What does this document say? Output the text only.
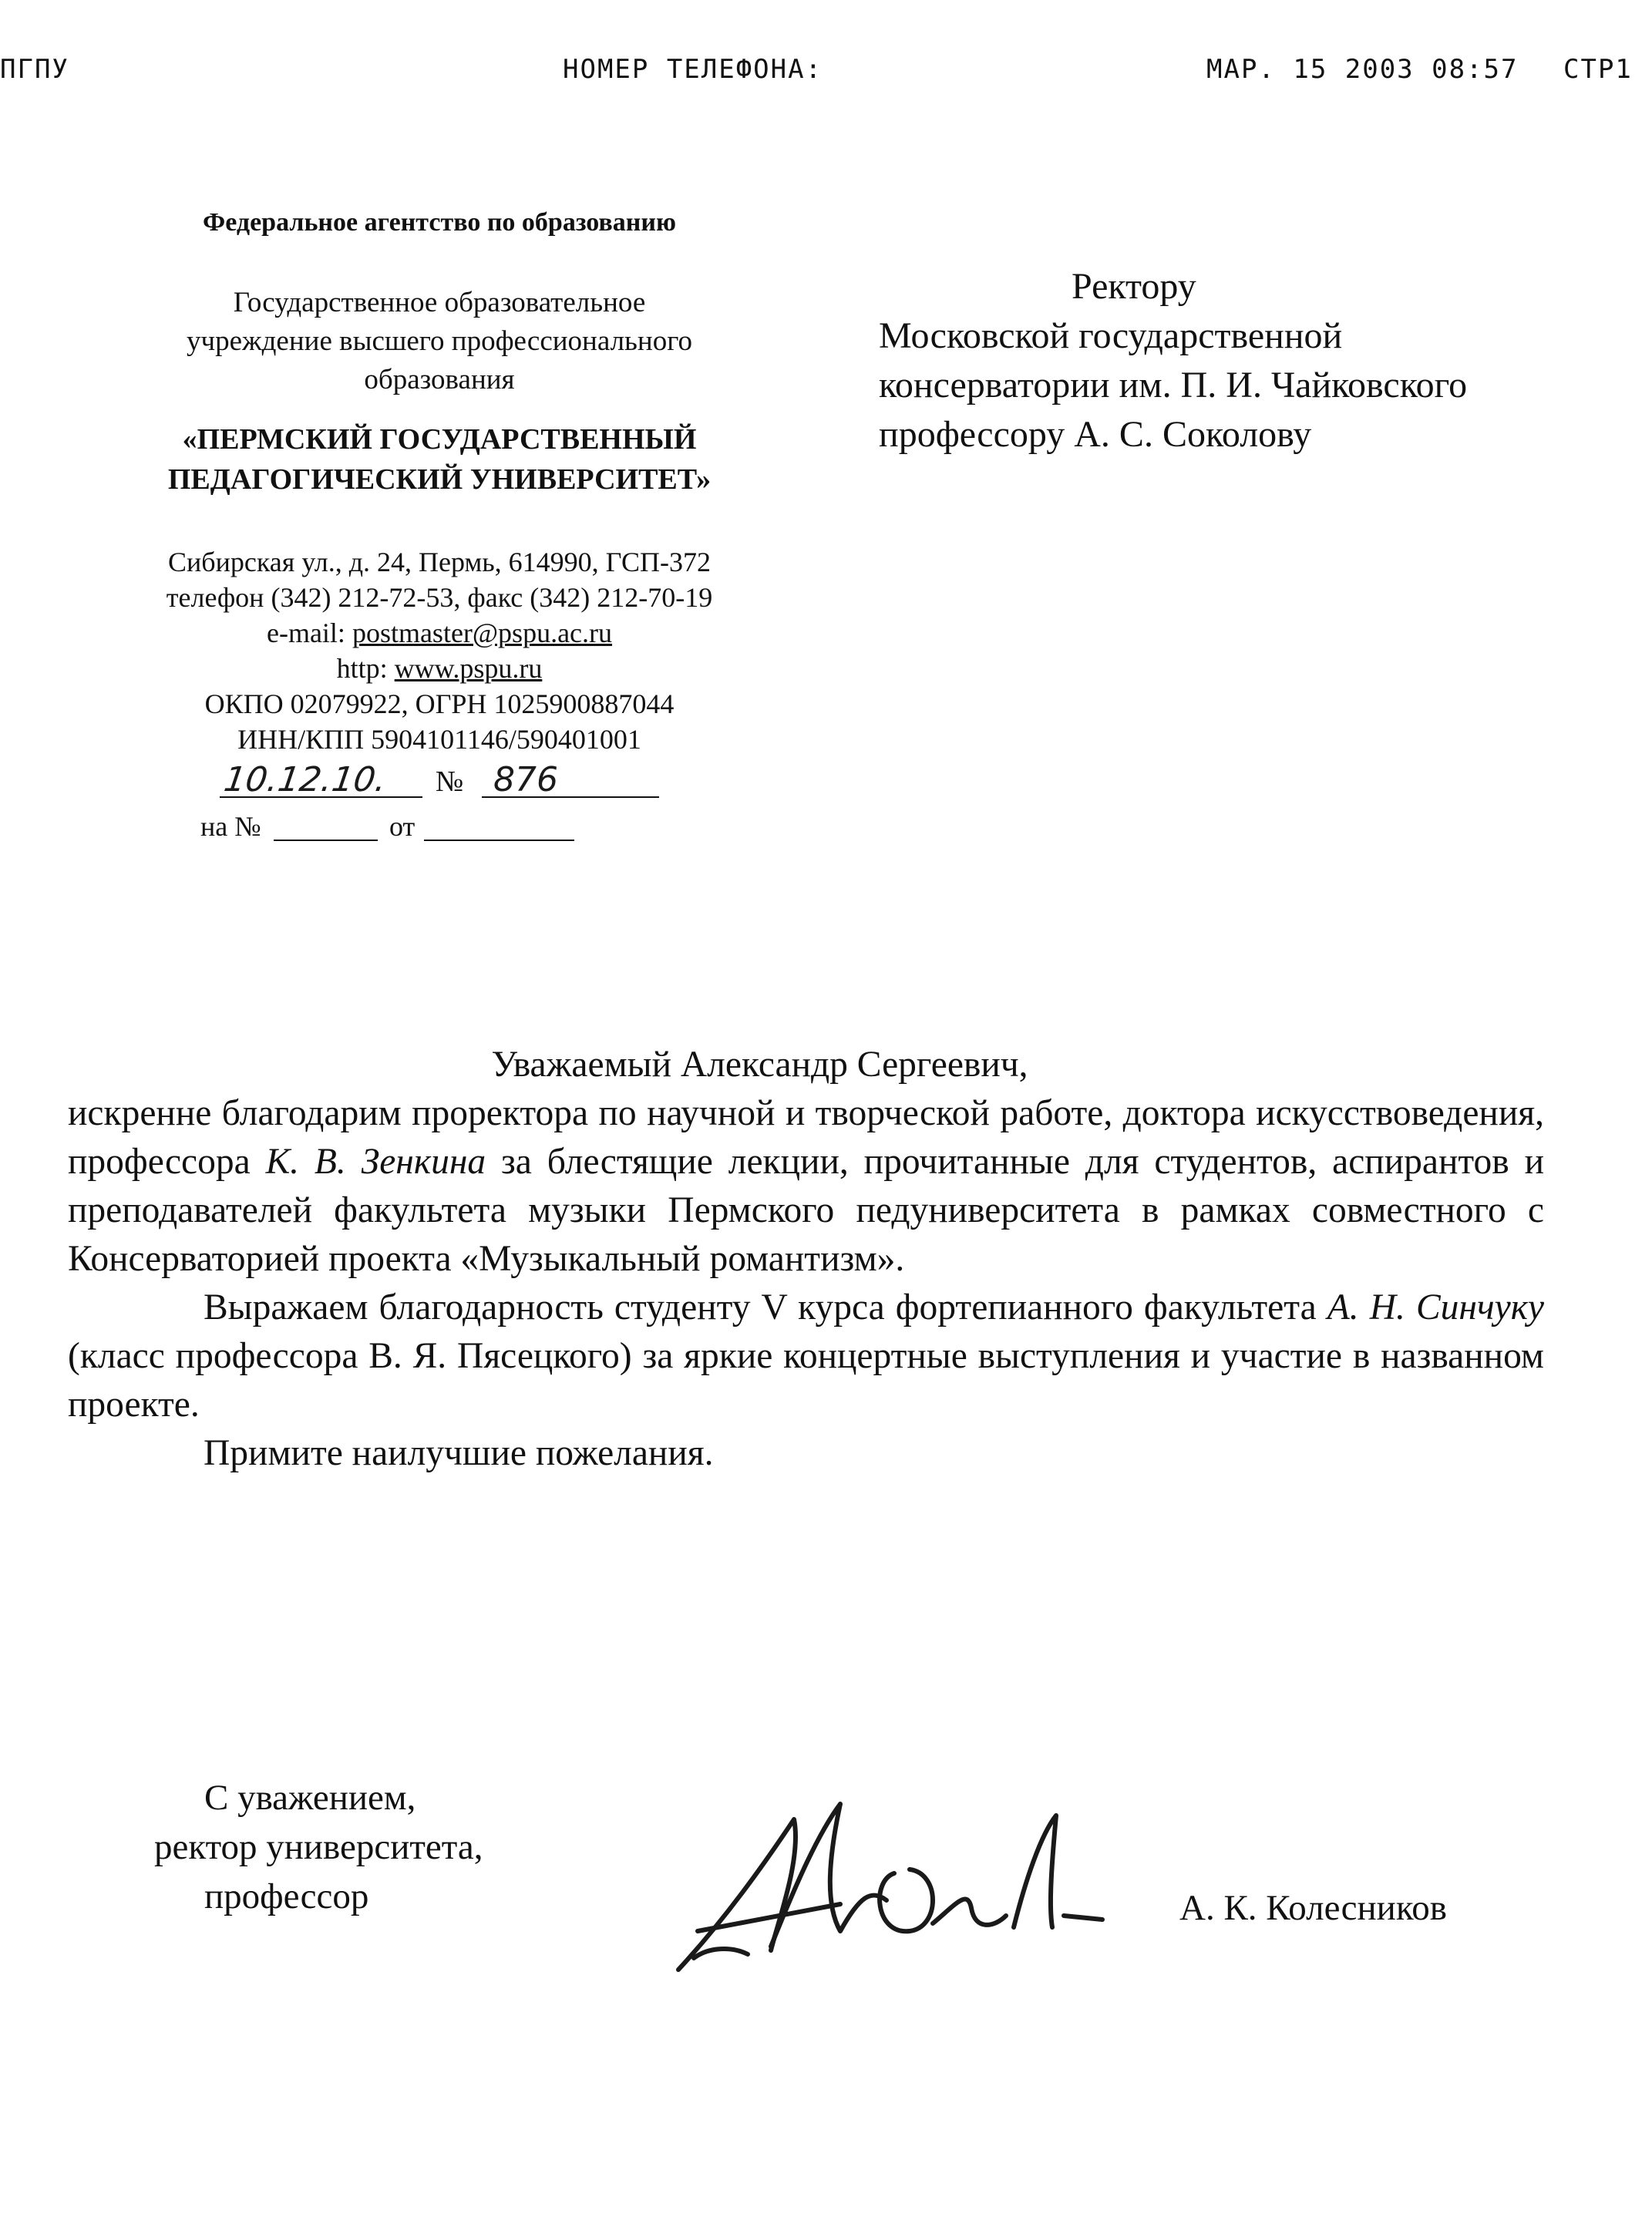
ПГПУ	НОМЕР ТЕЛЕФОНА:	МАР. 15 2003 08:57 СТР1
Федеральное агентство по образованию
Государственное образовательное
учреждение высшего профессионального
образования
«ПЕРМСКИЙ ГОСУДАРСТВЕННЫЙ
ПЕДАГОГИЧЕСКИЙ УНИВЕРСИТЕТ»
Сибирская ул., д. 24, Пермь, 614990, ГСП-372
телефон (342) 212-72-53, факс (342) 212-70-19
e-mail: postmaster@pspu.ac.ru
http: www.pspu.ru
ОКПО 02079922, ОГРН 1025900887044
ИНН/КПП 5904101146/590401001
№
10.12.10.	876
на №	от
Ректору
Московской государственной
консерватории им. П. И. Чайковского
профессору А. С. Соколову
Уважаемый Александр Сергеевич,

искренне благодарим проректора по научной и творческой работе, доктора искусствоведения, профессора К. В. Зенкина за блестящие лекции, прочитанные для студентов, аспирантов и преподавателей факультета музыки Пермского педуниверситета в рамках совместного с Консерваторией проекта «Музыкальный романтизм».

Выражаем благодарность студенту V курса фортепианного факультета А. Н. Синчуку (класс профессора В. Я. Пясецкого) за яркие концертные выступления и участие в названном проекте.

Примите наилучшие пожелания.

С уважением,
ректор университета,
профессор	А. К. Колесников
